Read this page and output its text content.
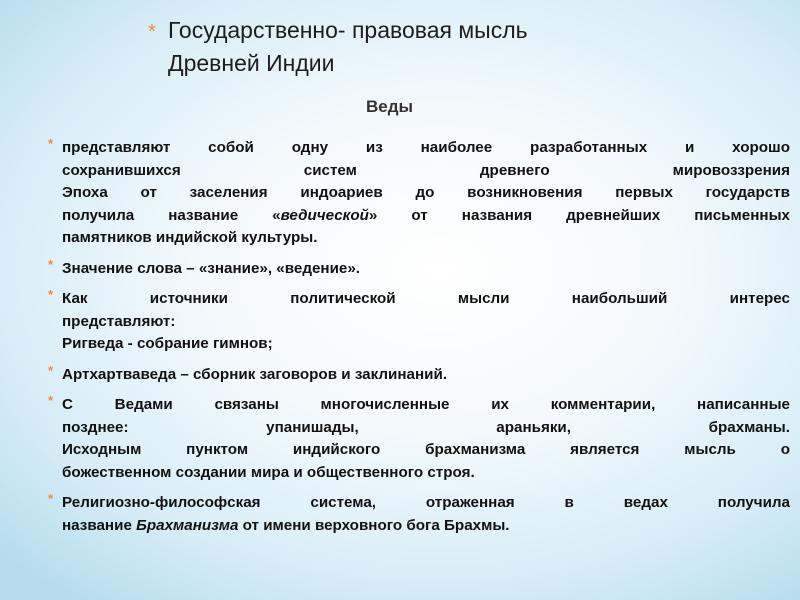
* Государственно- правовая мысль
Древней Индии
Веды
* представляют собой одну из наиболее разработанных и хорошо
сохранившихся систем древнего мировоззрения
Эпоха от заселения индоариев до возникновения первых государств
получила название «ведической» от названия древнейших письменных
памятников индийской культуры.
* Значение слова – «знание», «ведение».
* Как источники политической мысли наибольший интерес
представляют:
Ригведа - собрание гимнов;
* Артхартваведа – сборник заговоров и заклинаний.
* С Ведами связаны многочисленные их комментарии, написанные
позднее: упанишады, араньяки, брахманы.
Исходным пунктом индийского брахманизма является мысль о
божественном создании мира и общественного строя.
* Религиозно-философская система, отраженная в ведах получила
название Брахманизма от имени верховного бога Брахмы.
